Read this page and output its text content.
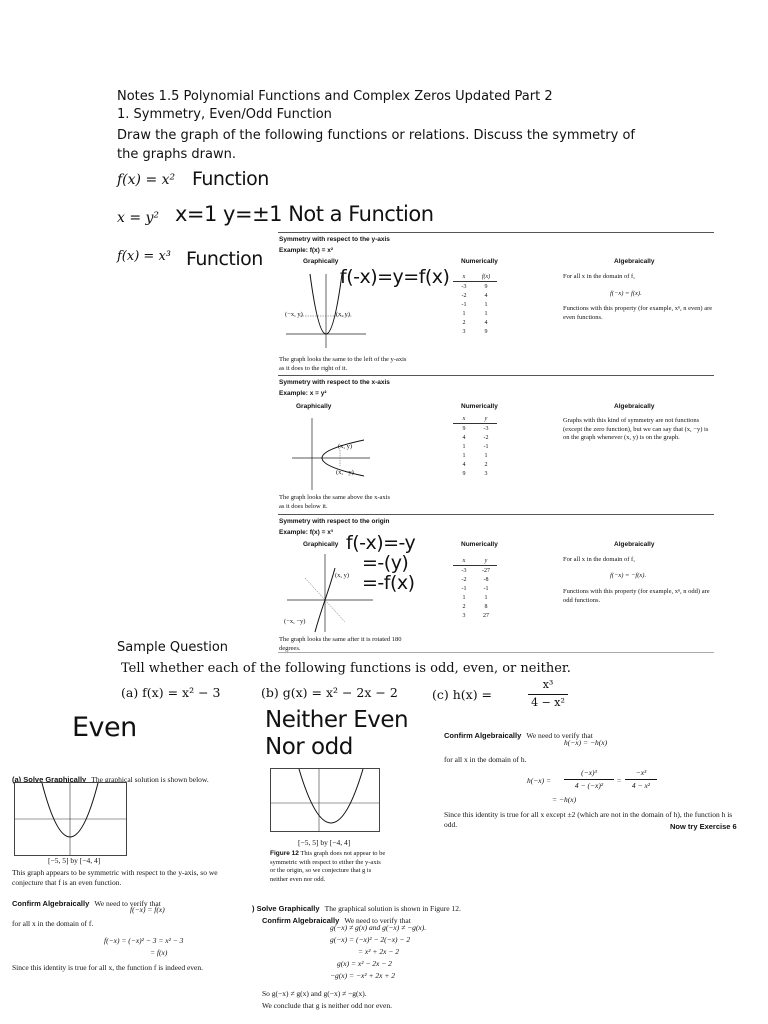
Notes 1.5 Polynomial Functions and Complex Zeros Updated Part 2
1. Symmetry, Even/Odd Function
Draw the graph of the following functions or relations. Discuss the symmetry of the graphs drawn.
f(x) = x² Function
x = y² x=1 y=±1 Not a Function
f(x) = x³ Function
Symmetry with respect to the y-axis
Example: f(x) = x²
Graphically	Numerically	Algebraically
(−x, y)	(x, y)
The graph looks the same to the left of the y-axis as it does to the right of it.
f(-x)=y=f(x) x	f(x)
-3	9
-2	4
-1	1
1	1
2	4
3	9
For all x in the domain of f,
f(−x) = f(x).
Functions with this property (for example, xⁿ, n even) are even functions.
Symmetry with respect to the x-axis
Example: x = y²
Graphically	Numerically	Algebraically
(x, y)
(x, −y)
The graph looks the same above the x-axis as it does below it.
x	y
9	-3
4	-2
1	-1
1	1
4	2
9	3
Graphs with this kind of symmetry are not functions (except the zero function), but we can say that (x, −y) is on the graph whenever (x, y) is on the graph.
Symmetry with respect to the origin
Example: f(x) = x³
Graphically	Numerically	Algebraically
(x, y)
(−x, −y)
The graph looks the same after it is rotated 180 degrees.
f(-x)=-y
=-(y)
=-f(x)
x	y
-3	-27
-2	-8
-1	-1
1	1
2	8
3	27
For all x in the domain of f,
f(−x) = −f(x).
Functions with this property (for example, xⁿ, n odd) are odd functions.
Sample Question
Tell whether each of the following functions is odd, even, or neither.
(a) f(x) = x² − 3	(b) g(x) = x² − 2x − 2	(c) h(x) =
x³
4 − x²
Even	Neither Even
Nor odd
(a) Solve Graphically The graphical solution is shown below.
[−5, 5] by [−4, 4]
This graph appears to be symmetric with respect to the y-axis, so we conjecture that f is an even function.
Confirm Algebraically We need to verify that
f(−x) = f(x)
for all x in the domain of f.
f(−x) = (−x)² − 3 = x² − 3
= f(x)
Since this identity is true for all x, the function f is indeed even.
[−5, 5] by [−4, 4]
Figure 12 This graph does not appear to be symmetric with respect to either the y-axis or the origin, so we conjecture that g is neither even nor odd.
) Solve Graphically The graphical solution is shown in Figure 12.
Confirm Algebraically We need to verify that
g(−x) ≠ g(x) and g(−x) ≠ −g(x).
g(−x) = (−x)² − 2(−x) − 2
= x² + 2x − 2
g(x) = x² − 2x − 2
−g(x) = −x² + 2x + 2
So g(−x) ≠ g(x) and g(−x) ≠ −g(x).
We conclude that g is neither odd nor even.
Confirm Algebraically We need to verify that
h(−x) = −h(x)
for all x in the domain of h.
h(−x) =
(−x)³
4 − (−x)²
=
−x³
4 − x²
= −h(x)
Since this identity is true for all x except ±2 (which are not in the domain of h), the function h is odd.	Now try Exercise 6
